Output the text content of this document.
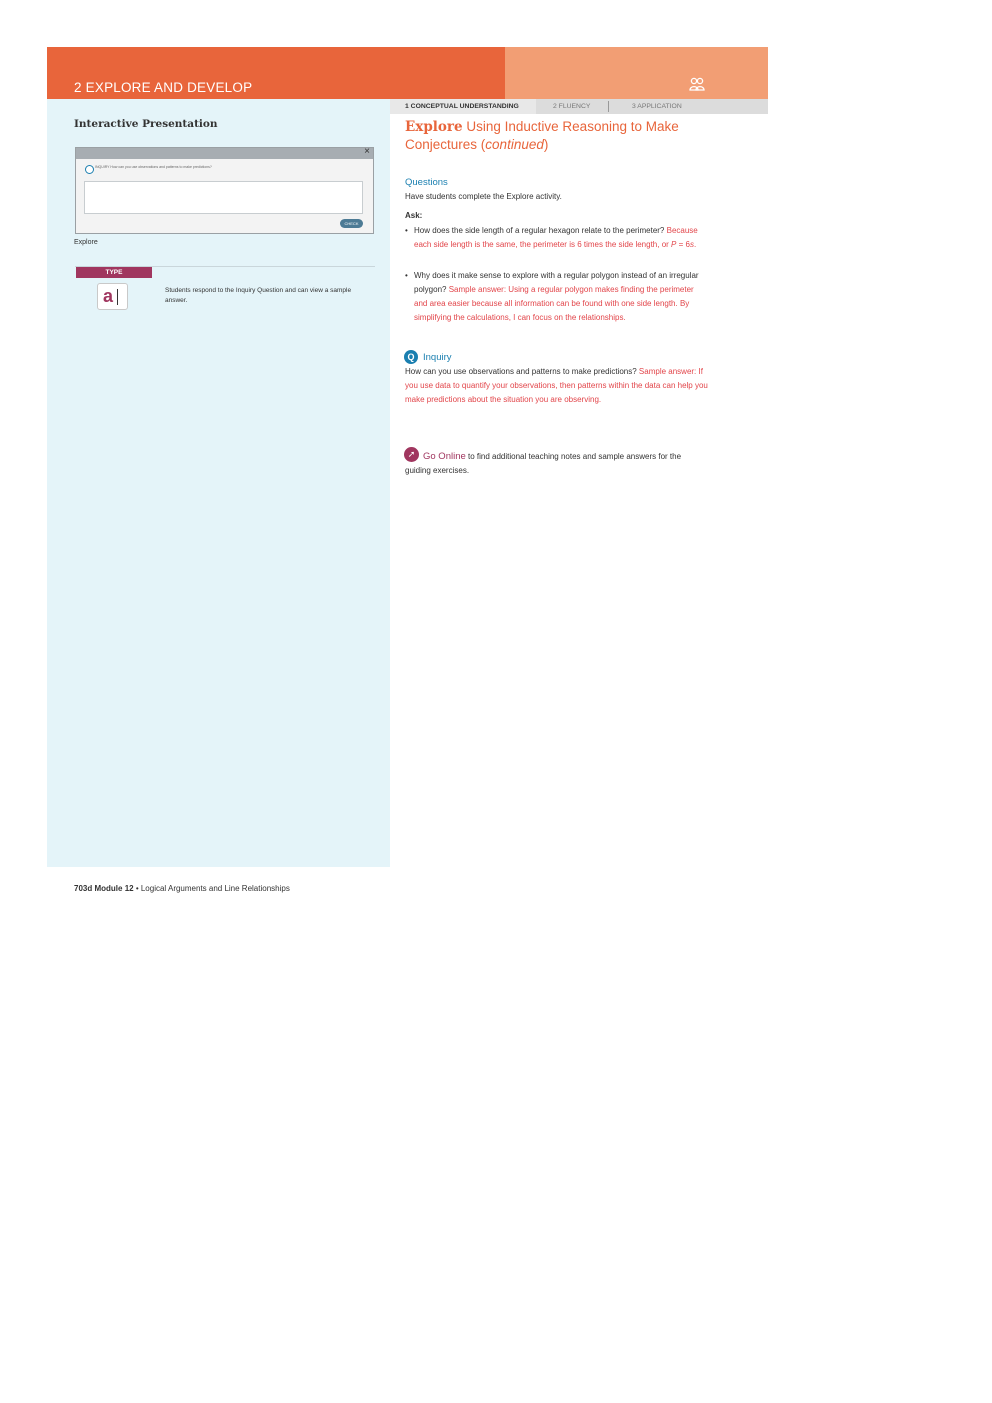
2 EXPLORE AND DEVELOP
Interactive Presentation
×
INQUIRY How can you use observations and patterns to make predictions?
CHECK
Explore
TYPE
a	Students respond to the Inquiry Question and can view a sample answer.
1 CONCEPTUAL UNDERSTANDING	2 FLUENCY	3 APPLICATION
Explore Using Inductive Reasoning to Make Conjectures (continued)
Questions
Have students complete the Explore activity.
Ask:
• How does the side length of a regular hexagon relate to the perimeter? Because each side length is the same, the perimeter is 6 times the side length, or P = 6s.
• Why does it make sense to explore with a regular polygon instead of an irregular polygon? Sample answer: Using a regular polygon makes finding the perimeter and area easier because all information can be found with one side length. By simplifying the calculations, I can focus on the relationships.
Q Inquiry
How can you use observations and patterns to make predictions? Sample answer: If you use data to quantify your observations, then patterns within the data can help you make predictions about the situation you are observing.
➚ Go Online to find additional teaching notes and sample answers for the guiding exercises.
703d Module 12 • Logical Arguments and Line Relationships
